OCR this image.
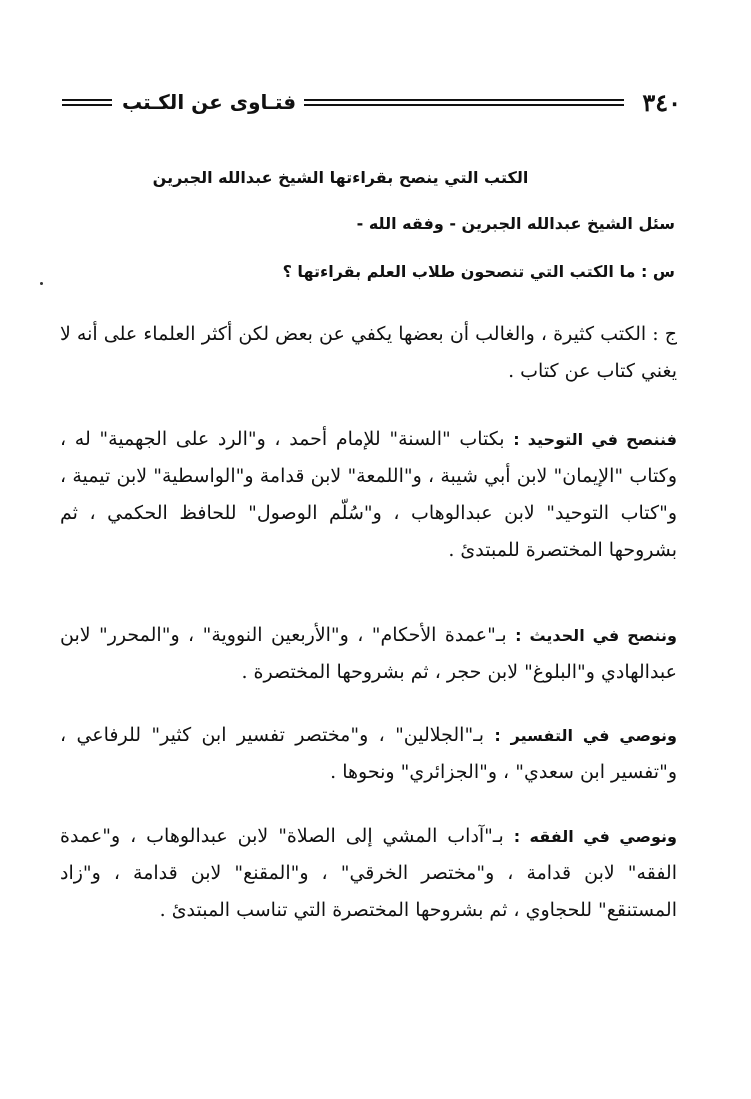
٣٤٠
فتـاوى عن الكـتب
الكتب التي ينصح بقراءتها الشيخ عبدالله الجبرين
سئل الشيخ عبدالله الجبرين - وفقه الله -
س : ما الكتب التي تنصحون طلاب العلم بقراءتها ؟
ج : الكتب كثيرة ، والغالب أن بعضها يكفي عن بعض لكن أكثر العلماء على أنه لا يغني كتاب عن كتاب .
فننصح في التوحيد : بكتاب "السنة" للإمام أحمد ، و"الرد على الجهمية" له ، وكتاب "الإيمان" لابن أبي شيبة ، و"اللمعة" لابن قدامة و"الواسطية" لابن تيمية ، و"كتاب التوحيد" لابن عبدالوهاب ، و"سُلّم الوصول" للحافظ الحكمي ، ثم بشروحها المختصرة للمبتدئ .
وننصح في الحديث : بـ"عمدة الأحكام" ، و"الأربعين النووية" ، و"المحرر" لابن عبدالهادي و"البلوغ" لابن حجر ، ثم بشروحها المختصرة .
ونوصي في التفسير : بـ"الجلالين" ، و"مختصر تفسير ابن كثير" للرفاعي ، و"تفسير ابن سعدي" ، و"الجزائري" ونحوها .
ونوصي في الفقه : بـ"آداب المشي إلى الصلاة" لابن عبدالوهاب ، و"عمدة الفقه" لابن قدامة ، و"مختصر الخرقي" ، و"المقنع" لابن قدامة ، و"زاد المستنقع" للحجاوي ، ثم بشروحها المختصرة التي تناسب المبتدئ .
